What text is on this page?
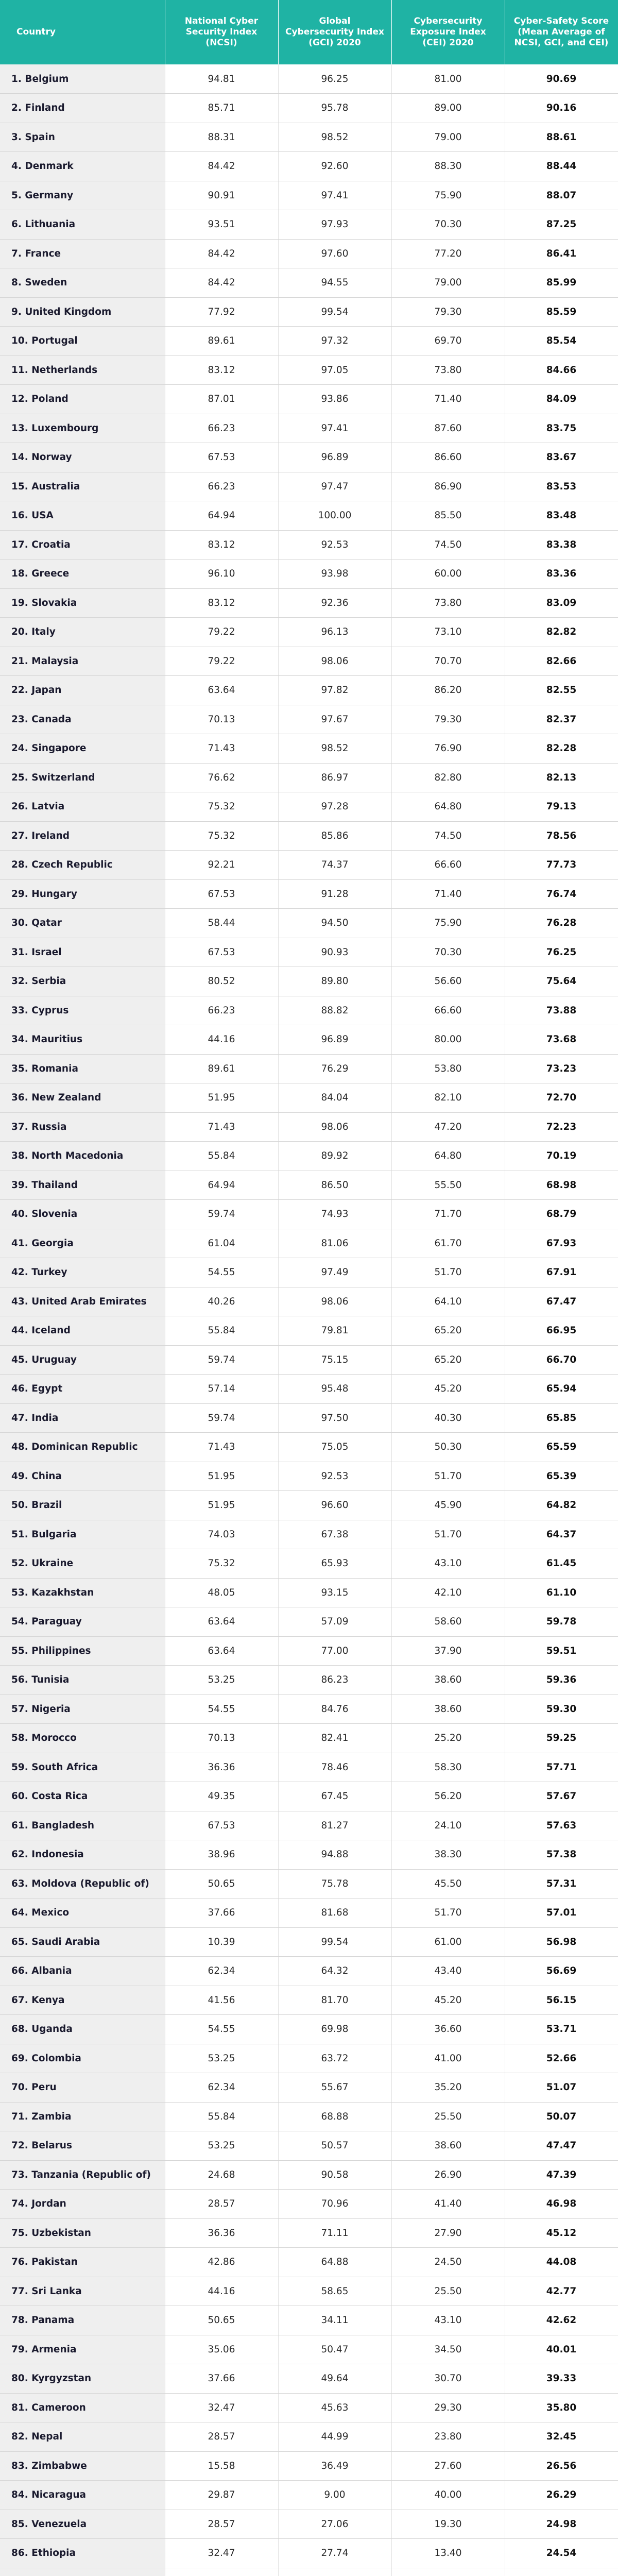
Country	National Cyber Security Index (NCSI)	Global Cybersecurity Index (GCI) 2020	Cybersecurity Exposure Index (CEI) 2020	Cyber-Safety Score (Mean Average of NCSI, GCI, and CEI)
1. Belgium	94.81	96.25	81.00	90.69
2. Finland	85.71	95.78	89.00	90.16
3. Spain	88.31	98.52	79.00	88.61
4. Denmark	84.42	92.60	88.30	88.44
5. Germany	90.91	97.41	75.90	88.07
6. Lithuania	93.51	97.93	70.30	87.25
7. France	84.42	97.60	77.20	86.41
8. Sweden	84.42	94.55	79.00	85.99
9. United Kingdom	77.92	99.54	79.30	85.59
10. Portugal	89.61	97.32	69.70	85.54
11. Netherlands	83.12	97.05	73.80	84.66
12. Poland	87.01	93.86	71.40	84.09
13. Luxembourg	66.23	97.41	87.60	83.75
14. Norway	67.53	96.89	86.60	83.67
15. Australia	66.23	97.47	86.90	83.53
16. USA	64.94	100.00	85.50	83.48
17. Croatia	83.12	92.53	74.50	83.38
18. Greece	96.10	93.98	60.00	83.36
19. Slovakia	83.12	92.36	73.80	83.09
20. Italy	79.22	96.13	73.10	82.82
21. Malaysia	79.22	98.06	70.70	82.66
22. Japan	63.64	97.82	86.20	82.55
23. Canada	70.13	97.67	79.30	82.37
24. Singapore	71.43	98.52	76.90	82.28
25. Switzerland	76.62	86.97	82.80	82.13
26. Latvia	75.32	97.28	64.80	79.13
27. Ireland	75.32	85.86	74.50	78.56
28. Czech Republic	92.21	74.37	66.60	77.73
29. Hungary	67.53	91.28	71.40	76.74
30. Qatar	58.44	94.50	75.90	76.28
31. Israel	67.53	90.93	70.30	76.25
32. Serbia	80.52	89.80	56.60	75.64
33. Cyprus	66.23	88.82	66.60	73.88
34. Mauritius	44.16	96.89	80.00	73.68
35. Romania	89.61	76.29	53.80	73.23
36. New Zealand	51.95	84.04	82.10	72.70
37. Russia	71.43	98.06	47.20	72.23
38. North Macedonia	55.84	89.92	64.80	70.19
39. Thailand	64.94	86.50	55.50	68.98
40. Slovenia	59.74	74.93	71.70	68.79
41. Georgia	61.04	81.06	61.70	67.93
42. Turkey	54.55	97.49	51.70	67.91
43. United Arab Emirates	40.26	98.06	64.10	67.47
44. Iceland	55.84	79.81	65.20	66.95
45. Uruguay	59.74	75.15	65.20	66.70
46. Egypt	57.14	95.48	45.20	65.94
47. India	59.74	97.50	40.30	65.85
48. Dominican Republic	71.43	75.05	50.30	65.59
49. China	51.95	92.53	51.70	65.39
50. Brazil	51.95	96.60	45.90	64.82
51. Bulgaria	74.03	67.38	51.70	64.37
52. Ukraine	75.32	65.93	43.10	61.45
53. Kazakhstan	48.05	93.15	42.10	61.10
54. Paraguay	63.64	57.09	58.60	59.78
55. Philippines	63.64	77.00	37.90	59.51
56. Tunisia	53.25	86.23	38.60	59.36
57. Nigeria	54.55	84.76	38.60	59.30
58. Morocco	70.13	82.41	25.20	59.25
59. South Africa	36.36	78.46	58.30	57.71
60. Costa Rica	49.35	67.45	56.20	57.67
61. Bangladesh	67.53	81.27	24.10	57.63
62. Indonesia	38.96	94.88	38.30	57.38
63. Moldova (Republic of)	50.65	75.78	45.50	57.31
64. Mexico	37.66	81.68	51.70	57.01
65. Saudi Arabia	10.39	99.54	61.00	56.98
66. Albania	62.34	64.32	43.40	56.69
67. Kenya	41.56	81.70	45.20	56.15
68. Uganda	54.55	69.98	36.60	53.71
69. Colombia	53.25	63.72	41.00	52.66
70. Peru	62.34	55.67	35.20	51.07
71. Zambia	55.84	68.88	25.50	50.07
72. Belarus	53.25	50.57	38.60	47.47
73. Tanzania (Republic of)	24.68	90.58	26.90	47.39
74. Jordan	28.57	70.96	41.40	46.98
75. Uzbekistan	36.36	71.11	27.90	45.12
76. Pakistan	42.86	64.88	24.50	44.08
77. Sri Lanka	44.16	58.65	25.50	42.77
78. Panama	50.65	34.11	43.10	42.62
79. Armenia	35.06	50.47	34.50	40.01
80. Kyrgyzstan	37.66	49.64	30.70	39.33
81. Cameroon	32.47	45.63	29.30	35.80
82. Nepal	28.57	44.99	23.80	32.45
83. Zimbabwe	15.58	36.49	27.60	26.56
84. Nicaragua	29.87	9.00	40.00	26.29
85. Venezuela	28.57	27.06	19.30	24.98
86. Ethiopia	32.47	27.74	13.40	24.54
